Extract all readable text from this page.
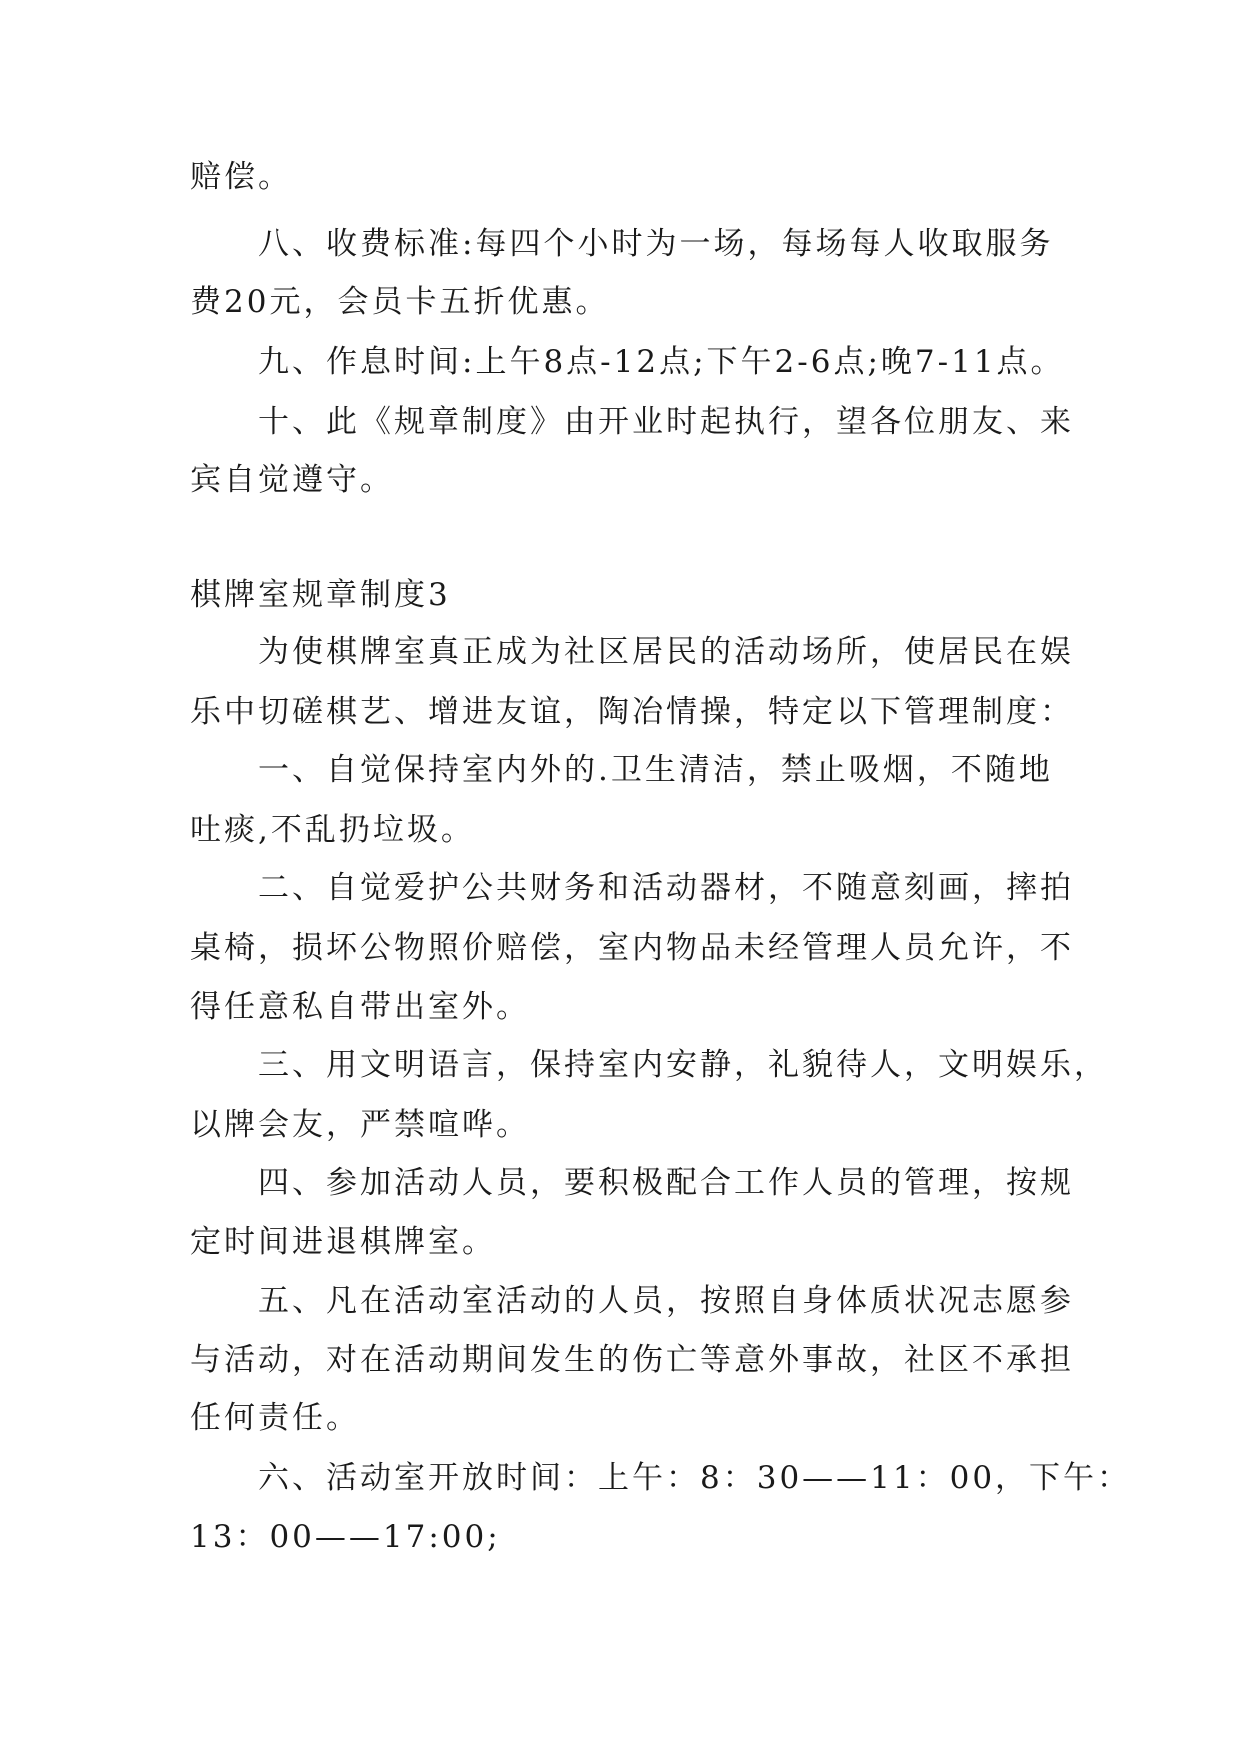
赔偿。
八、收费标准:每四个小时为一场，每场每人收取服务
费20元，会员卡五折优惠。
九、作息时间:上午8点-12点;下午2-6点;晚7-11点。
十、此《规章制度》由开业时起执行，望各位朋友、来
宾自觉遵守。
棋牌室规章制度3
为使棋牌室真正成为社区居民的活动场所，使居民在娱
乐中切磋棋艺、增进友谊，陶冶情操，特定以下管理制度：
一、自觉保持室内外的.卫生清洁，禁止吸烟，不随地
吐痰,不乱扔垃圾。
二、自觉爱护公共财务和活动器材，不随意刻画，摔拍
桌椅，损坏公物照价赔偿，室内物品未经管理人员允许，不
得任意私自带出室外。
三、用文明语言，保持室内安静，礼貌待人，文明娱乐，
以牌会友，严禁喧哗。
四、参加活动人员，要积极配合工作人员的管理，按规
定时间进退棋牌室。
五、凡在活动室活动的人员，按照自身体质状况志愿参
与活动，对在活动期间发生的伤亡等意外事故，社区不承担
任何责任。
六、活动室开放时间：上午：8：30——11：00，下午：
13：00——17:00;
